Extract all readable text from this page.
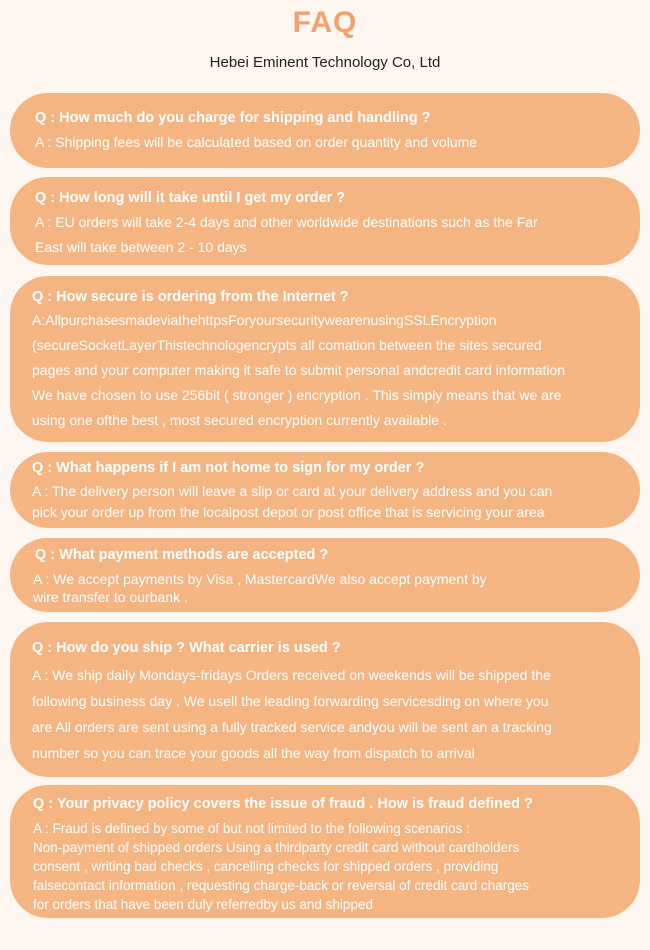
FAQ
Hebei Eminent Technology Co, Ltd
Q : How much do you charge for shipping and handling ?
A : Shipping fees will be calculated based on order quantity and volume
Q : How long will it take until I get my order ?
A : EU orders will take 2-4 days and other worldwide destinations such as the Far
East will take between 2 - 10 days
Q : How secure is ordering from the Internet ?
A:AllpurchasesmadeviathehttpsForyoursecuritywearenusingSSLEncryption
(secureSocketLayerThistechnologencrypts all comation between the sites secured
pages and your computer making it safe to submit personal andcredit card information
We have chosen to use 256bit ( stronger ) encryption . This simply means that we are
using one ofthe best , most secured encryption currently available .
Q : What happens if I am not home to sign for my order ?
A : The delivery person will leave a slip or card at your delivery address and you can
pick your order up from the localpost depot or post office that is servicing your area
Q : What payment methods are accepted ?
A : We accept payments by Visa , MastercardWe also accept payment by
wire transfer to ourbank .
Q : How do you ship ? What carrier is used ?
A : We ship daily Mondays-fridays Orders received on weekends will be shipped the
following business day . We usell the leading forwarding servicesding on where you
are All orders are sent using a fully tracked service andyou will be sent an a tracking
number so you can trace your goods all the way from dispatch to arrival
Q : Your privacy policy covers the issue of fraud . How is fraud defined ?
A : Fraud is defined by some of but not limited to the following scenarios :
Non-payment of shipped orders Using a thirdparty credit card without cardholders
consent , writing bad checks , cancelling checks for shipped orders , providing
falsecontact information , requesting charge-back or reversal of credit card charges
for orders that have been duly referredby us and shipped
